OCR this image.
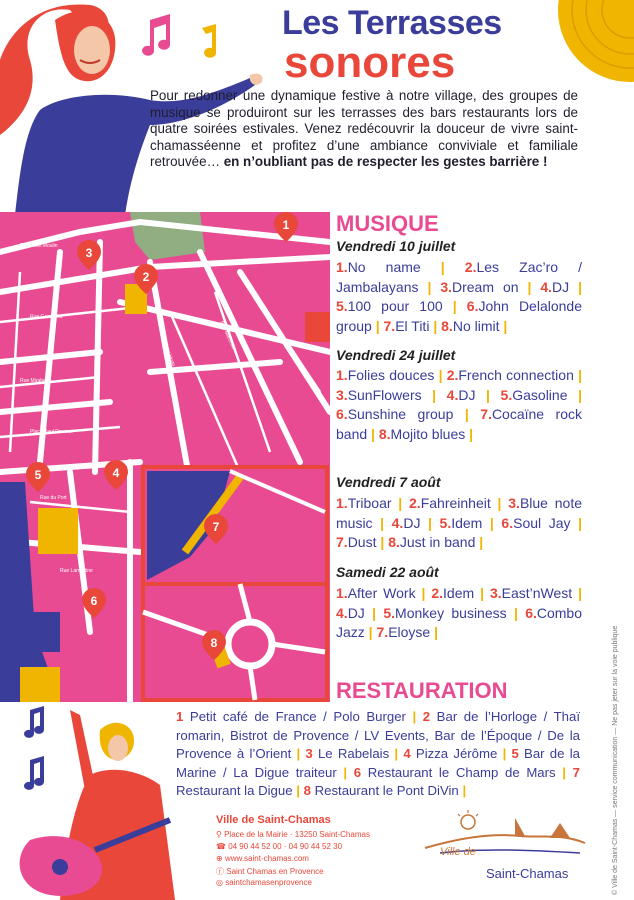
Les Terrasses
sonores
Pour redonner une dynamique festive à notre village, des groupes de musique se produiront sur les terrasses des bars restaurants lors de quatre soirées estivales. Venez redécouvrir la douceur de vivre saint-chamasséenne et profitez d’une ambiance conviviale et familiale retrouvée… en n’oubliant pas de respecter les gestes barrière !
1
2
3
4
5
6
7
8
Rue Jean Moulin
Rue Gambetta
Rue Mirabeau
Place Paul Doumer
Rue du Port
Rue Victor Hugo	Rue Marceau
Rue Lamartine
MUSIQUE
Vendredi 10 juillet
1.No name | 2.Les Zac’ro / Jambalayans | 3.Dream on | 4.DJ | 5.100 pour 100 | 6.John Delalonde group | 7.El Titi | 8.No limit |
Vendredi 24 juillet
1.Folies douces | 2.French connection | 3.SunFlowers | 4.DJ | 5.Gasoline | 6.Sunshine group | 7.Cocaïne rock band | 8.Mojito blues |
Vendredi 7 août
1.Triboar | 2.Fahreinheit | 3.Blue note music | 4.DJ | 5.Idem | 6.Soul Jay | 7.Dust | 8.Just in band |
Samedi 22 août
1.After Work | 2.Idem | 3.East’nWest | 4.DJ | 5.Monkey business | 6.Combo Jazz | 7.Eloyse |
RESTAURATION
1 Petit café de France / Polo Burger | 2 Bar de l’Horloge / Thaï romarin, Bistrot de Provence / LV Events, Bar de l’Époque / De la Provence à l’Orient | 3 Le Rabelais | 4 Pizza Jérôme | 5 Bar de la Marine / La Digue traiteur | 6 Restaurant le Champ de Mars | 7 Restaurant la Digue | 8 Restaurant le Pont DiVin |
Ville de Saint-Chamas
⚲ Place de la Mairie · 13250 Saint-Chamas
☎ 04 90 44 52 00 · 04 90 44 52 30
⊕ www.saint-chamas.com
ⓕ Saint Chamas en Provence
◎ saintchamasenprovence
Ville de
Saint-Chamas	© Ville de Saint-Chamas — service communication — Ne pas jeter sur la voie publique
